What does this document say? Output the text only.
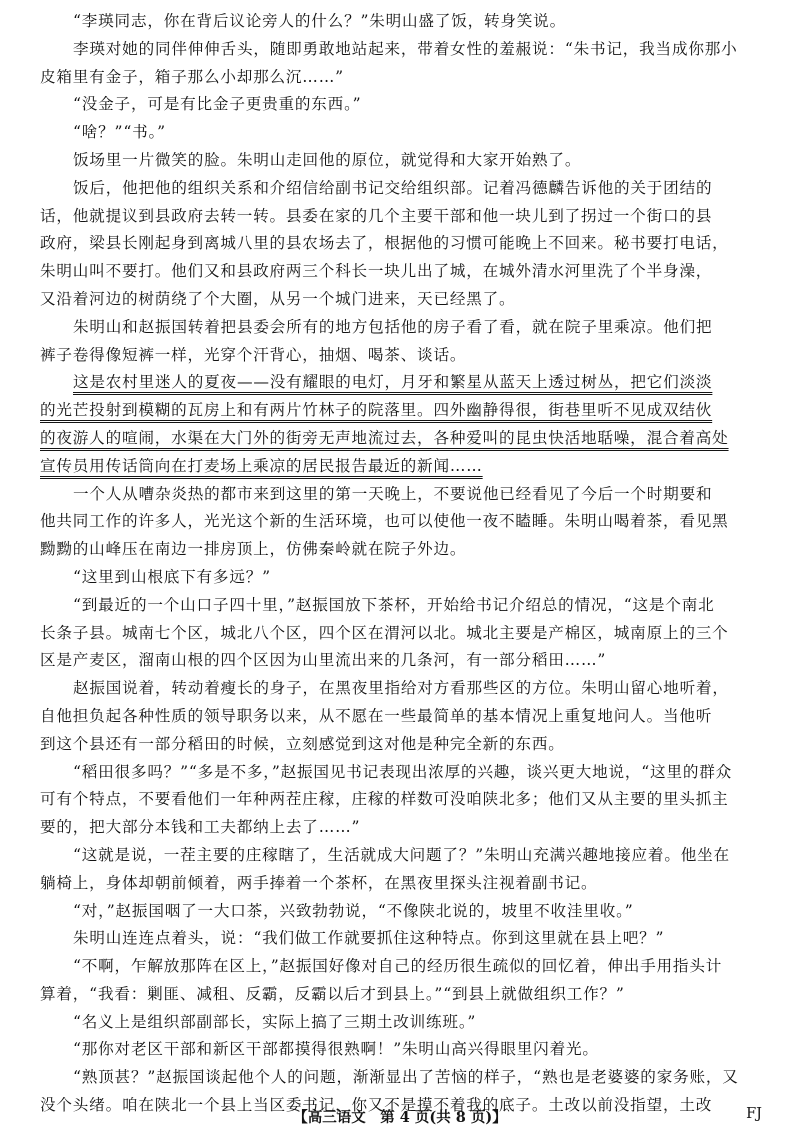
“李瑛同志，你在背后议论旁人的什么？”朱明山盛了饭，转身笑说。
李瑛对她的同伴伸伸舌头，随即勇敢地站起来，带着女性的羞赧说：“朱书记，我当成你那小
皮箱里有金子，箱子那么小却那么沉……”
“没金子，可是有比金子更贵重的东西。”
“啥？”“书。”
饭场里一片微笑的脸。朱明山走回他的原位，就觉得和大家开始熟了。
饭后，他把他的组织关系和介绍信给副书记交给组织部。记着冯德麟告诉他的关于团结的
话，他就提议到县政府去转一转。县委在家的几个主要干部和他一块儿到了拐过一个街口的县
政府，梁县长刚起身到离城八里的县农场去了，根据他的习惯可能晚上不回来。秘书要打电话，
朱明山叫不要打。他们又和县政府两三个科长一块儿出了城，在城外清水河里洗了个半身澡，
又沿着河边的树荫绕了个大圈，从另一个城门进来，天已经黑了。
朱明山和赵振国转着把县委会所有的地方包括他的房子看了看，就在院子里乘凉。他们把
裤子卷得像短裤一样，光穿个汗背心，抽烟、喝茶、谈话。
这是农村里迷人的夏夜——没有耀眼的电灯，月牙和繁星从蓝天上透过树丛，把它们淡淡
的光芒投射到模糊的瓦房上和有两片竹林子的院落里。四外幽静得很，街巷里听不见成双结伙
的夜游人的喧闹，水渠在大门外的街旁无声地流过去，各种爱叫的昆虫快活地聒噪，混合着高处
宣传员用传话筒向在打麦场上乘凉的居民报告最近的新闻……
一个人从嘈杂炎热的都市来到这里的第一天晚上，不要说他已经看见了今后一个时期要和
他共同工作的许多人，光光这个新的生活环境，也可以使他一夜不瞌睡。朱明山喝着茶，看见黑
黝黝的山峰压在南边一排房顶上，仿佛秦岭就在院子外边。
“这里到山根底下有多远？”
“到最近的一个山口子四十里，”赵振国放下茶杯，开始给书记介绍总的情况，“这是个南北
长条子县。城南七个区，城北八个区，四个区在渭河以北。城北主要是产棉区，城南原上的三个
区是产麦区，溜南山根的四个区因为山里流出来的几条河，有一部分稻田……”
赵振国说着，转动着瘦长的身子，在黑夜里指给对方看那些区的方位。朱明山留心地听着，
自他担负起各种性质的领导职务以来，从不愿在一些最简单的基本情况上重复地问人。当他听
到这个县还有一部分稻田的时候，立刻感觉到这对他是种完全新的东西。
“稻田很多吗？”“多是不多，”赵振国见书记表现出浓厚的兴趣，谈兴更大地说，“这里的群众
可有个特点，不要看他们一年种两茬庄稼，庄稼的样数可没咱陕北多；他们又从主要的里头抓主
要的，把大部分本钱和工夫都纳上去了……”
“这就是说，一茬主要的庄稼瞎了，生活就成大问题了？”朱明山充满兴趣地接应着。他坐在
躺椅上，身体却朝前倾着，两手捧着一个茶杯，在黑夜里探头注视着副书记。
“对，”赵振国咽了一大口茶，兴致勃勃说，“不像陕北说的，坡里不收洼里收。”
朱明山连连点着头，说：“我们做工作就要抓住这种特点。你到这里就在县上吧？”
“不啊，乍解放那阵在区上，”赵振国好像对自己的经历很生疏似的回忆着，伸出手用指头计
算着，“我看：剿匪、减租、反霸，反霸以后才到县上。”“到县上就做组织工作？”
“名义上是组织部副部长，实际上搞了三期土改训练班。”
“那你对老区干部和新区干部都摸得很熟啊！”朱明山高兴得眼里闪着光。
“熟顶甚？”赵振国谈起他个人的问题，渐渐显出了苦恼的样子，“熟也是老婆婆的家务账，又
没个头绪。咱在陕北一个县上当区委书记，你又不是摸不着我的底子。土改以前没指望，土改
【高三语文　第 4 页(共 8 页)】	FJ
